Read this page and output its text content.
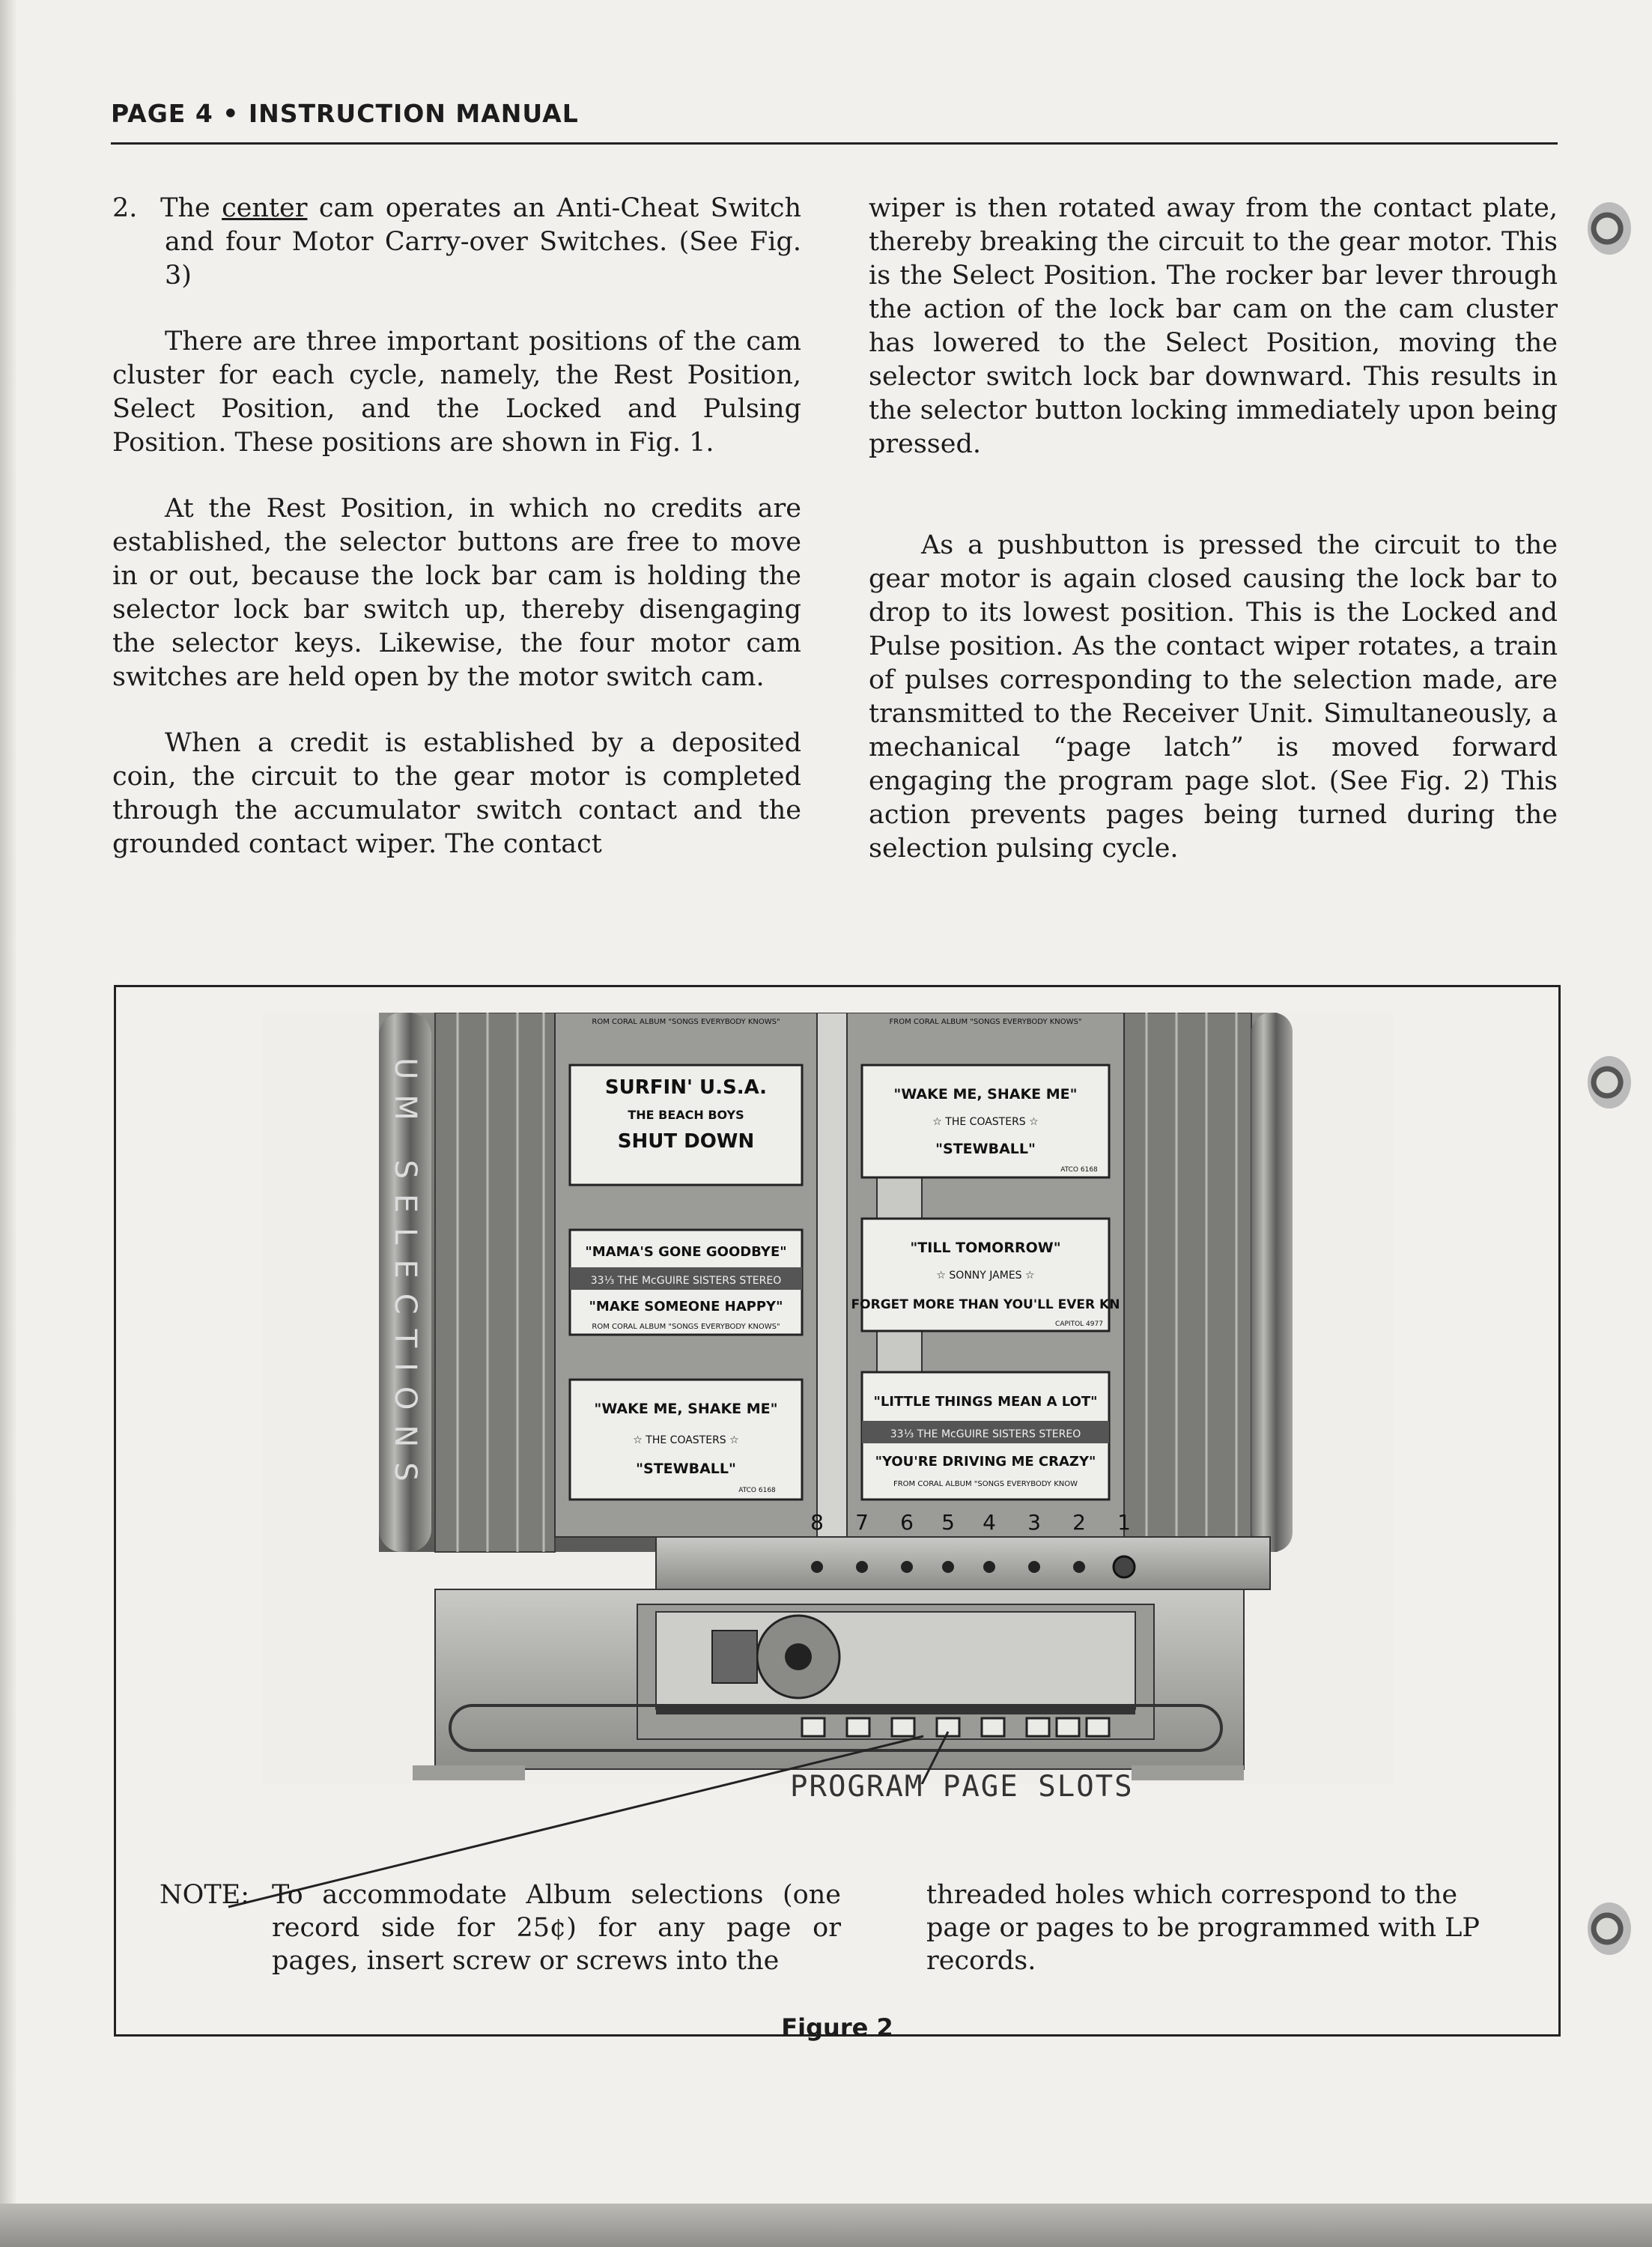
PAGE 4 • INSTRUCTION MANUAL

2. The center cam operates an Anti-Cheat Switch and four Motor Carry-over Switches. (See Fig. 3)

There are three important positions of the cam cluster for each cycle, namely, the Rest Position, Select Position, and the Locked and Pulsing Position. These positions are shown in Fig. 1.

At the Rest Position, in which no credits are established, the selector buttons are free to move in or out, because the lock bar cam is holding the selector lock bar switch up, thereby disengaging the selector keys. Likewise, the four motor cam switches are held open by the motor switch cam.

When a credit is established by a deposited coin, the circuit to the gear motor is completed through the accumulator switch contact and the grounded contact wiper. The contact

wiper is then rotated away from the contact plate, thereby breaking the circuit to the gear motor. This is the Select Position. The rocker bar lever through the action of the lock bar cam on the cam cluster has lowered to the Select Position, moving the selector switch lock bar downward. This results in the selector button locking immediately upon being pressed.

As a pushbutton is pressed the circuit to the gear motor is again closed causing the lock bar to drop to its lowest position. This is the Locked and Pulse position. As the contact wiper rotates, a train of pulses corresponding to the selection made, are transmitted to the Receiver Unit. Simultaneously, a mechanical “page latch” is moved forward engaging the program page slot. (See Fig. 2) This action prevents pages being turned during the selection pulsing cycle.

SURFIN' U.S.A.
THE BEACH BOYS
SHUT DOWN
ROM CORAL ALBUM "SONGS EVERYBODY KNOWS"
"MAMA'S GONE GOODBYE"
33⅓ THE McGUIRE SISTERS STEREO
"MAKE SOMEONE HAPPY"
ROM CORAL ALBUM "SONGS EVERYBODY KNOWS"
"WAKE ME, SHAKE ME"
☆ THE COASTERS ☆
"STEWBALL"
ATCO 6168
FROM CORAL ALBUM "SONGS EVERYBODY KNOWS"
"WAKE ME, SHAKE ME"
☆ THE COASTERS ☆
"STEWBALL"
ATCO 6168
"TILL TOMORROW"
☆ SONNY JAMES ☆
FORGET MORE THAN YOU'LL EVER KN
CAPITOL 4977
"LITTLE THINGS MEAN A LOT"
33⅓ THE McGUIRE SISTERS STEREO
"YOU'RE DRIVING ME CRAZY"
FROM CORAL ALBUM "SONGS EVERYBODY KNOW
UM SELECTIONS
8 7 6 5 4 3 2 1
PROGRAM PAGE SLOTS
NOTE: To accommodate Album selections (one record side for 25¢) for any page or pages, insert screw or screws into the
threaded holes which correspond to the page or pages to be programmed with LP records.
Figure 2
